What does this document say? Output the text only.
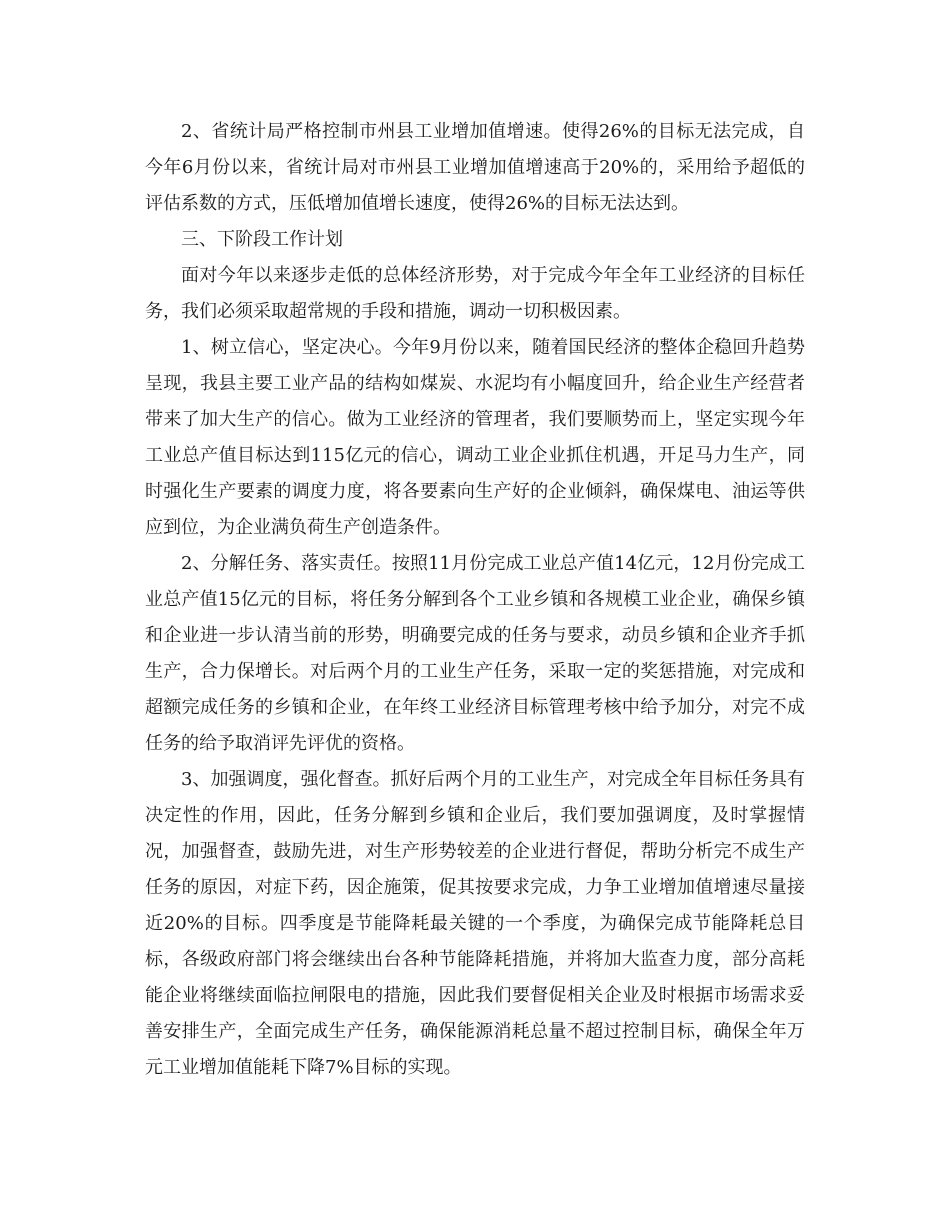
2、省统计局严格控制市州县工业增加值增速。使得26%的目标无法完成，自今年6月份以来，省统计局对市州县工业增加值增速高于20%的，采用给予超低的评估系数的方式，压低增加值增长速度，使得26%的目标无法达到。

三、下阶段工作计划

面对今年以来逐步走低的总体经济形势，对于完成今年全年工业经济的目标任务，我们必须采取超常规的手段和措施，调动一切积极因素。

1、树立信心，坚定决心。今年9月份以来，随着国民经济的整体企稳回升趋势呈现，我县主要工业产品的结构如煤炭、水泥均有小幅度回升，给企业生产经营者带来了加大生产的信心。做为工业经济的管理者，我们要顺势而上，坚定实现今年工业总产值目标达到115亿元的信心，调动工业企业抓住机遇，开足马力生产，同时强化生产要素的调度力度，将各要素向生产好的企业倾斜，确保煤电、油运等供应到位，为企业满负荷生产创造条件。

2、分解任务、落实责任。按照11月份完成工业总产值14亿元，12月份完成工业总产值15亿元的目标，将任务分解到各个工业乡镇和各规模工业企业，确保乡镇和企业进一步认清当前的形势，明确要完成的任务与要求，动员乡镇和企业齐手抓生产，合力保增长。对后两个月的工业生产任务，采取一定的奖惩措施，对完成和超额完成任务的乡镇和企业，在年终工业经济目标管理考核中给予加分，对完不成任务的给予取消评先评优的资格。

3、加强调度，强化督查。抓好后两个月的工业生产，对完成全年目标任务具有决定性的作用，因此，任务分解到乡镇和企业后，我们要加强调度，及时掌握情况，加强督查，鼓励先进，对生产形势较差的企业进行督促，帮助分析完不成生产任务的原因，对症下药，因企施策，促其按要求完成，力争工业增加值增速尽量接近20%的目标。四季度是节能降耗最关键的一个季度，为确保完成节能降耗总目标，各级政府部门将会继续出台各种节能降耗措施，并将加大监查力度，部分高耗能企业将继续面临拉闸限电的措施，因此我们要督促相关企业及时根据市场需求妥善安排生产，全面完成生产任务，确保能源消耗总量不超过控制目标，确保全年万元工业增加值能耗下降7%目标的实现。
